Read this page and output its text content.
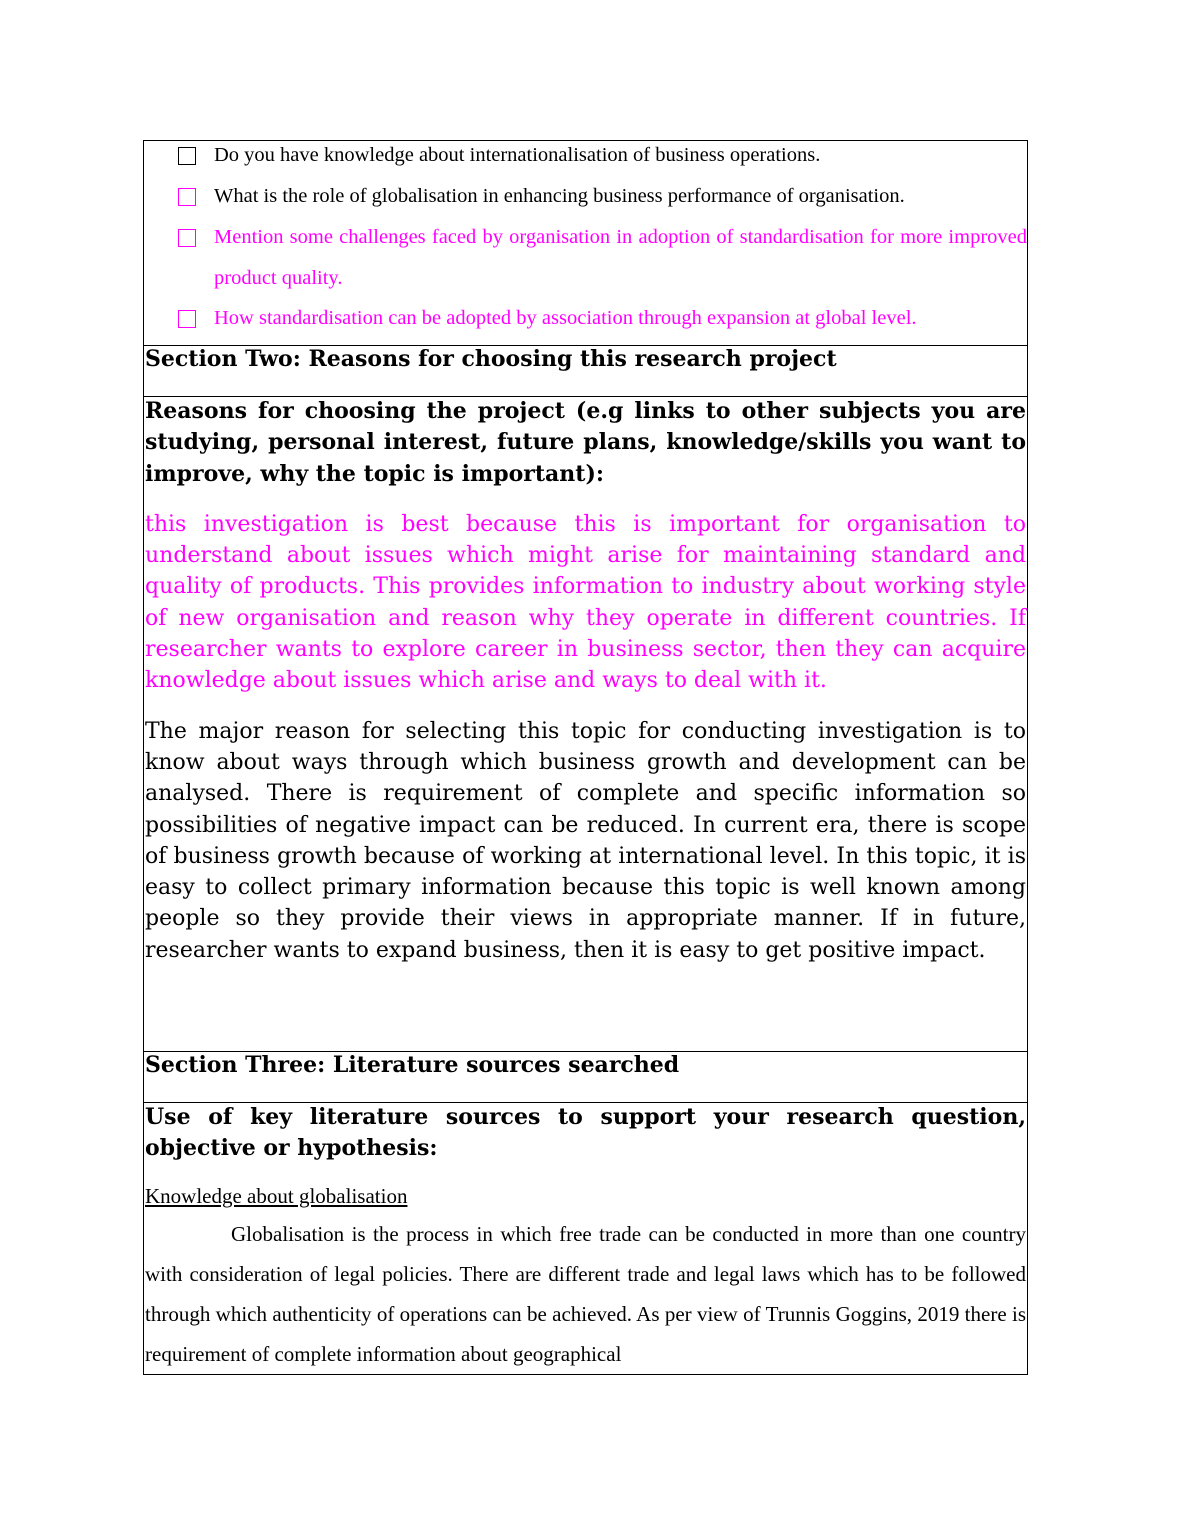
Do you have knowledge about internationalisation of business operations.
What is the role of globalisation in enhancing business performance of organisation.
Mention some challenges faced by organisation in adoption of standardisation for more improved product quality.
How standardisation can be adopted by association through expansion at global level.
Section Two: Reasons for choosing this research project

Reasons for choosing the project (e.g links to other subjects you are studying, personal interest, future plans, knowledge/skills you want to improve, why the topic is important):

this investigation is best because this is important for organisation to understand about issues which might arise for maintaining standard and quality of products. This provides information to industry about working style of new organisation and reason why they operate in different countries. If researcher wants to explore career in business sector, then they can acquire knowledge about issues which arise and ways to deal with it.

The major reason for selecting this topic for conducting investigation is to know about ways through which business growth and development can be analysed. There is requirement of complete and specific information so possibilities of negative impact can be reduced. In current era, there is scope of business growth because of working at international level. In this topic, it is easy to collect primary information because this topic is well known among people so they provide their views in appropriate manner. If in future, researcher wants to expand business, then it is easy to get positive impact.

Section Three: Literature sources searched

Use of key literature sources to support your research question, objective or hypothesis:

Knowledge about globalisation

Globalisation is the process in which free trade can be conducted in more than one country with consideration of legal policies. There are different trade and legal laws which has to be followed through which authenticity of operations can be achieved. As per view of Trunnis Goggins, 2019 there is requirement of complete information about geographical
